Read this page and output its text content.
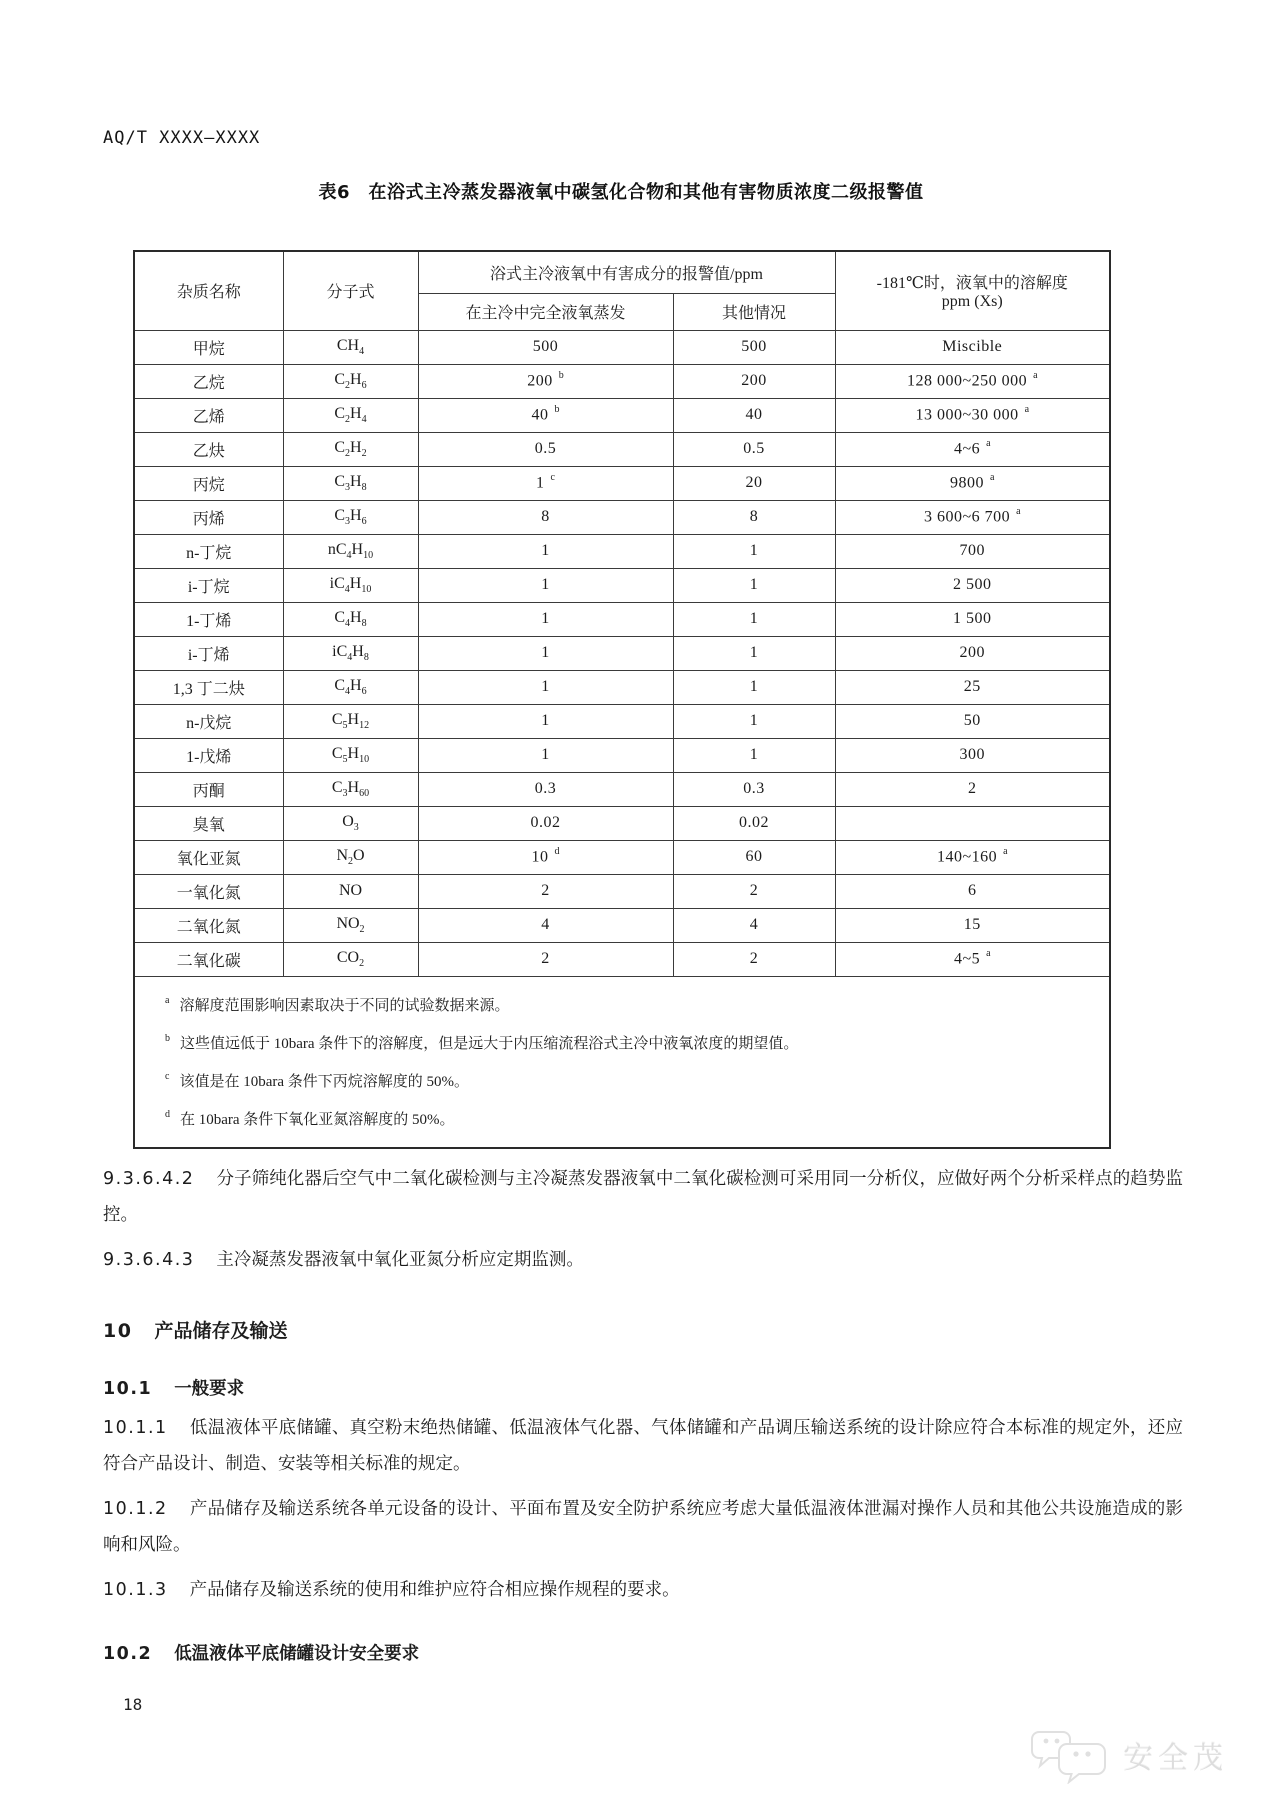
AQ/T XXXX—XXXX
表6　在浴式主冷蒸发器液氧中碳氢化合物和其他有害物质浓度二级报警值
杂质名称	分子式	浴式主冷液氧中有害成分的报警值/ppm		-181℃时，液氧中的溶解度
ppm (Xs)

		在主冷中完全液氧蒸发	其他情况	
甲烷	$CH_4$	500	500	Miscible
乙烷	$C_2H_6$	200 $^b$	200	128 000~250 000 $^a$
乙烯	$C_2H_4$	40 $^b$	40	13 000~30 000 $^a$
乙炔	$C_2H_2$	0.5	0.5	4~6 $^a$
丙烷	$C_3H_8$	1 $^c$	20	9800 $^a$
丙烯	$C_3H_6$	8	8	3 600~6 700 $^a$
n-丁烷	$nC_4H_{10}$	1	1	700
i-丁烷	$iC_4H_{10}$	1	1	2 500
1-丁烯	$C_4H_8$	1	1	1 500
i-丁烯	$iC_4H_8$	1	1	200
1,3 丁二炔	$C_4H_6$	1	1	25
n-戊烷	$C_5H_{12}$	1	1	50
1-戊烯	$C_5H_{10}$	1	1	300
丙酮	$C_3H_{60}$	0.3	0.3	2
臭氧	$O_3$	0.02	0.02	
氧化亚氮	$N_2O$	10 $^d$	60	140~160 $^a$
一氧化氮	NO	2	2	6
二氧化氮	$NO_2$	4	4	15
二氧化碳	$CO_2$	2	2	4~5 $^a$

$^a$ 溶解度范围影响因素取决于不同的试验数据来源。
$^b$ 这些值远低于 10bara 条件下的溶解度，但是远大于内压缩流程浴式主冷中液氧浓度的期望值。
$^c$ 该值是在 10bara 条件下丙烷溶解度的 50%。
$^d$ 在 10bara 条件下氧化亚氮溶解度的 50%。				
9.3.6.4.2 分子筛纯化器后空气中二氧化碳检测与主冷凝蒸发器液氧中二氧化碳检测可采用同一分析仪，应做好两个分析采样点的趋势监控。
9.3.6.4.3 主冷凝蒸发器液氧中氧化亚氮分析应定期监测。
10 产品储存及输送
10.1 一般要求
10.1.1 低温液体平底储罐、真空粉末绝热储罐、低温液体气化器、气体储罐和产品调压输送系统的设计除应符合本标准的规定外，还应符合产品设计、制造、安装等相关标准的规定。
10.1.2 产品储存及输送系统各单元设备的设计、平面布置及安全防护系统应考虑大量低温液体泄漏对操作人员和其他公共设施造成的影响和风险。
10.1.3 产品储存及输送系统的使用和维护应符合相应操作规程的要求。
10.2 低温液体平底储罐设计安全要求
18
安全茂
